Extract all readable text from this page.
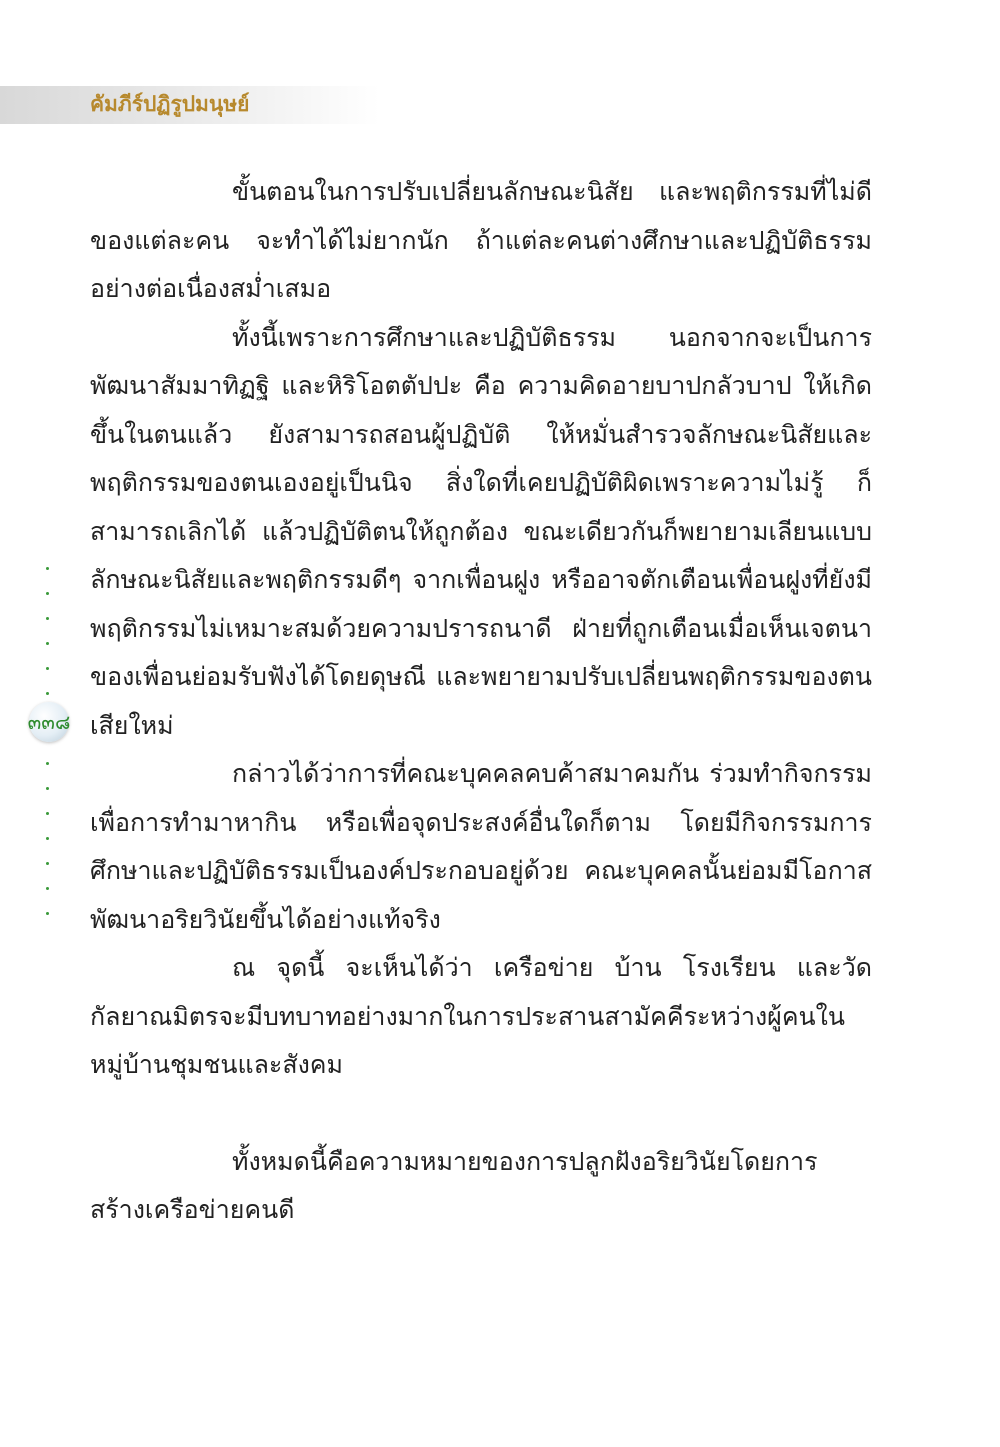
คัมภีร์ปฏิรูปมนุษย์
๓๓๘

ขั้นตอนในการปรับเปลี่ยนลักษณะนิสัย และพฤติกรรมที่ไม่ดีของแต่ละคน จะทำได้ไม่ยากนัก ถ้าแต่ละคนต่างศึกษาและปฏิบัติธรรมอย่างต่อเนื่องสม่ำเสมอ

ทั้งนี้เพราะการศึกษาและปฏิบัติธรรม นอกจากจะเป็นการพัฒนาสัมมาทิฏฐิ และหิริโอตตัปปะ คือ ความคิดอายบาปกลัวบาป ให้เกิดขึ้นในตนแล้ว ยังสามารถสอนผู้ปฏิบัติ ให้หมั่นสำรวจลักษณะนิสัยและพฤติกรรมของตนเองอยู่เป็นนิจ สิ่งใดที่เคยปฏิบัติผิดเพราะความไม่รู้ ก็สามารถเลิกได้ แล้วปฏิบัติตนให้ถูกต้อง ขณะเดียวกันก็พยายามเลียนแบบลักษณะนิสัยและพฤติกรรมดีๆ จากเพื่อนฝูง หรืออาจตักเตือนเพื่อนฝูงที่ยังมีพฤติกรรมไม่เหมาะสมด้วยความปรารถนาดี ฝ่ายที่ถูกเตือนเมื่อเห็นเจตนาของเพื่อนย่อมรับฟังได้โดยดุษณี และพยายามปรับเปลี่ยนพฤติกรรมของตนเสียใหม่

กล่าวได้ว่าการที่คณะบุคคลคบค้าสมาคมกัน ร่วมทำกิจกรรมเพื่อการทำมาหากิน หรือเพื่อจุดประสงค์อื่นใดก็ตาม โดยมีกิจกรรมการศึกษาและปฏิบัติธรรมเป็นองค์ประกอบอยู่ด้วย คณะบุคคลนั้นย่อมมีโอกาสพัฒนาอริยวินัยขึ้นได้อย่างแท้จริง

ณ จุดนี้ จะเห็นได้ว่า เครือข่าย บ้าน โรงเรียน และวัด กัลยาณมิตรจะมีบทบาทอย่างมากในการประสานสามัคคีระหว่างผู้คนในหมู่บ้านชุมชนและสังคม

ทั้งหมดนี้คือความหมายของการปลูกฝังอริยวินัยโดยการสร้างเครือข่ายคนดี
